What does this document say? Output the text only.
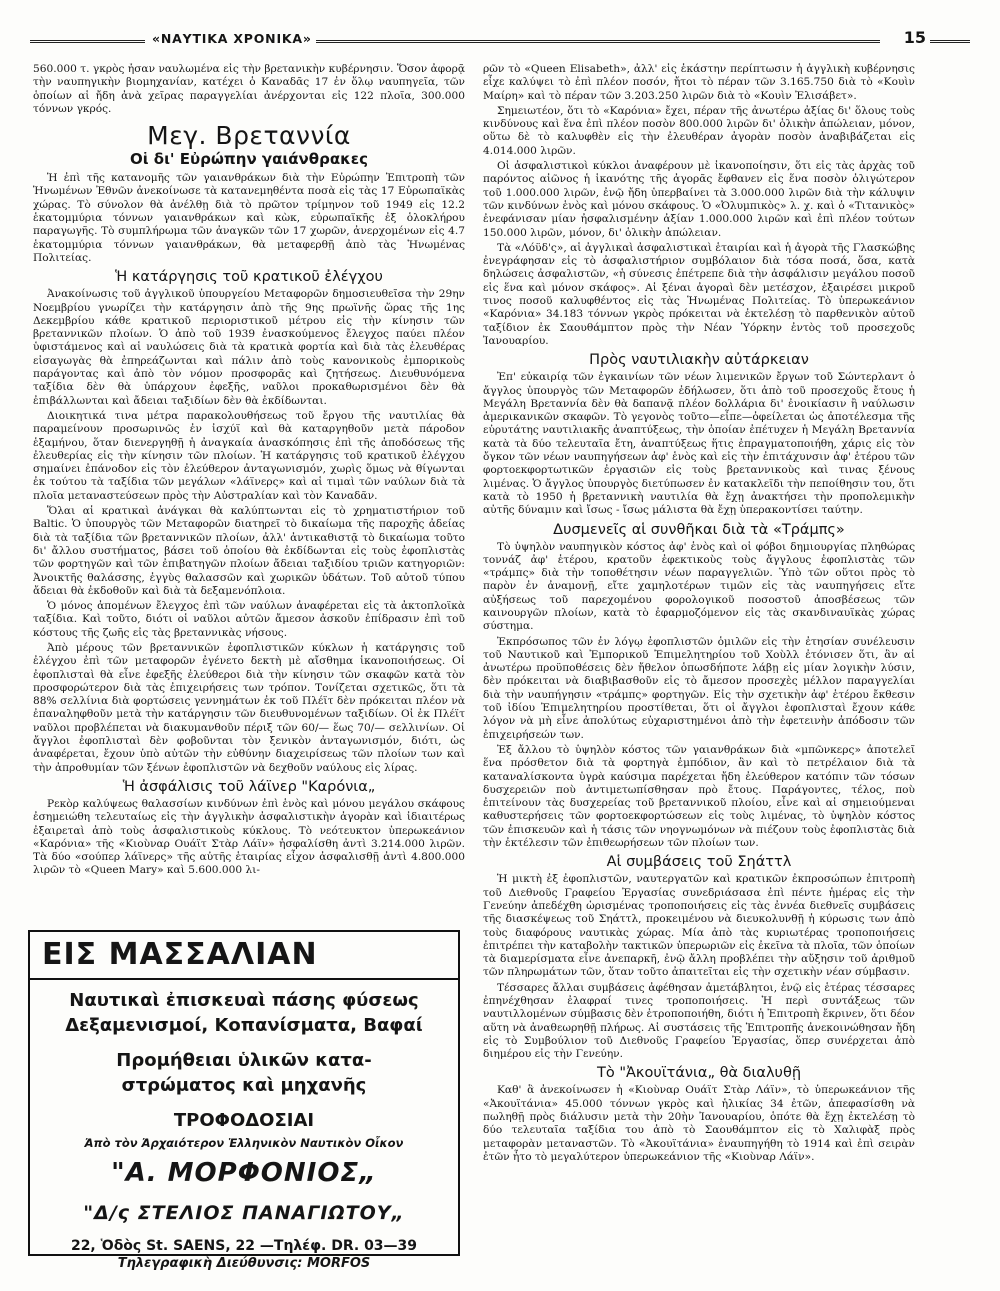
«ΝΑΥΤΙΚΑ ΧΡΟΝΙΚΑ»	15

560.000 τ. γκρὸς ἦσαν ναυλωμένα εἰς τὴν βρετανικὴν κυβέρνησιν. Ὅσον ἀφορᾷ τὴν ναυπηγικὴν βιομηχανίαν, κατέχει ὁ Καναδᾶς 17 ἐν ὅλῳ ναυπηγεῖα, τῶν ὁποίων αἱ ἤδη ἀνὰ χεῖρας παραγγελίαι ἀνέρχονται εἰς 122 πλοῖα, 300.000 τόννων γκρός.

Μεγ. Βρεταννία
Οἱ δι' Εὐρώπην γαιάνθρακες

Ἡ ἐπὶ τῆς κατανομῆς τῶν γαιανθράκων διὰ τὴν Εὐρώπην Ἐπιτροπὴ τῶν Ἡνωμένων Ἐθνῶν ἀνεκοίνωσε τὰ κατανεμηθέντα ποσὰ εἰς τὰς 17 Εὐρωπαϊκὰς χώρας. Τὸ σύνολον θὰ ἀνέλθῃ διὰ τὸ πρῶτον τρίμηνον τοῦ 1949 εἰς 12.2 ἑκατομμύρια τόννων γαιανθράκων καὶ κὼκ, εὐρωπαϊκῆς ἐξ ὁλοκλήρου παραγωγῆς. Τὸ συμπλήρωμα τῶν ἀναγκῶν τῶν 17 χωρῶν, ἀνερχομένων εἰς 4.7 ἑκατομμύρια τόννων γαιανθράκων, θὰ μεταφερθῇ ἀπὸ τὰς Ἡνωμένας Πολιτείας.

Ἡ κατάργησις τοῦ κρατικοῦ ἐλέγχου

Ἀνακοίνωσις τοῦ ἀγγλικοῦ ὑπουργείου Μεταφορῶν δημοσιευθεῖσα τὴν 29ην Νοεμβρίου γνωρίζει τὴν κατάργησιν ἀπὸ τῆς 9ης πρωϊνῆς ὥρας τῆς 1ης Δεκεμβρίου κάθε κρατικοῦ περιοριστικοῦ μέτρου εἰς τὴν κίνησιν τῶν βρεταννικῶν πλοίων. Ὁ ἀπὸ τοῦ 1939 ἐνασκούμενος ἔλεγχος παύει πλέον ὑφιστάμενος καὶ αἱ ναυλώσεις διὰ τὰ κρατικὰ φορτία καὶ διὰ τὰς ἐλευθέρας εἰσαγωγὰς θὰ ἐπηρεάζωνται καὶ πάλιν ἀπὸ τοὺς κανονικοὺς ἐμπορικοὺς παράγοντας καὶ ἀπὸ τὸν νόμον προσφορᾶς καὶ ζητήσεως. Διευθυνόμενα ταξίδια δὲν θὰ ὑπάρχουν ἐφεξῆς, ναῦλοι προκαθωρισμένοι δὲν θὰ ἐπιβάλλωνται καὶ ἄδειαι ταξιδίων δὲν θὰ ἐκδίδωνται.

Διοικητικά τινα μέτρα παρακολουθήσεως τοῦ ἔργου τῆς ναυτιλίας θὰ παραμείνουν προσωρινῶς ἐν ἰσχύϊ καὶ θὰ καταργηθοῦν μετὰ πάροδον ἑξαμήνου, ὅταν διενεργηθῇ ἡ ἀναγκαία ἀνασκόπησις ἐπὶ τῆς ἀποδόσεως τῆς ἐλευθερίας εἰς τὴν κίνησιν τῶν πλοίων. Ἡ κατάργησις τοῦ κρατικοῦ ἐλέγχου σημαίνει ἐπάνοδον εἰς τὸν ἐλεύθερον ἀνταγωνισμόν, χωρὶς ὅμως νὰ θίγωνται ἐκ τούτου τὰ ταξίδια τῶν μεγάλων «λάϊνερς» καὶ αἱ τιμαὶ τῶν ναύλων διὰ τὰ πλοῖα μεταναστεύσεων πρὸς τὴν Αὐστραλίαν καὶ τὸν Καναδᾶν.

Ὅλαι αἱ κρατικαὶ ἀνάγκαι θὰ καλύπτωνται εἰς τὸ χρηματιστήριον τοῦ Baltic. Ὁ ὑπουργὸς τῶν Μεταφορῶν διατηρεῖ τὸ δικαίωμα τῆς παροχῆς ἀδείας διὰ τὰ ταξίδια τῶν βρεταννικῶν πλοίων, ἀλλ' ἀντικαθιστᾷ τὸ δικαίωμα τοῦτο δι' ἄλλου συστήματος, βάσει τοῦ ὁποίου θὰ ἐκδίδωνται εἰς τοὺς ἐφοπλιστὰς τῶν φορτηγῶν καὶ τῶν ἐπιβατηγῶν πλοίων ἄδειαι ταξιδίου τριῶν κατηγοριῶν: Ἀνοικτῆς θαλάσσης, ἐγγὺς θαλασσῶν καὶ χωρικῶν ὑδάτων. Τοῦ αὐτοῦ τύπου ἄδειαι θὰ ἐκδοθοῦν καὶ διὰ τὰ δεξαμενόπλοια.

Ὁ μόνος ἀπομένων ἔλεγχος ἐπὶ τῶν ναύλων ἀναφέρεται εἰς τὰ ἀκτοπλοϊκὰ ταξίδια. Καὶ τοῦτο, διότι οἱ ναῦλοι αὐτῶν ἄμεσον ἀσκοῦν ἐπίδρασιν ἐπὶ τοῦ κόστους τῆς ζωῆς εἰς τὰς βρεταννικὰς νήσους.

Ἀπὸ μέρους τῶν βρεταννικῶν ἐφοπλιστικῶν κύκλων ἡ κατάργησις τοῦ ἐλέγχου ἐπὶ τῶν μεταφορῶν ἐγένετο δεκτὴ μὲ αἴσθημα ἱκανοποιήσεως. Οἱ ἐφοπλισταὶ θὰ εἶνε ἐφεξῆς ἐλεύθεροι διὰ τὴν κίνησιν τῶν σκαφῶν κατὰ τὸν προσφορώτερον διὰ τὰς ἐπιχειρήσεις των τρόπον. Τονίζεται σχετικῶς, ὅτι τὰ 88% σελλίνια διὰ φορτώσεις γεννημάτων ἐκ τοῦ Πλέϊτ δὲν πρόκειται πλέον νὰ ἐπαναληφθοῦν μετὰ τὴν κατάργησιν τῶν διευθυνομένων ταξιδίων. Οἱ ἐκ Πλέϊτ ναῦλοι προβλέπεται νὰ διακυμανθοῦν πέριξ τῶν 60/— ἕως 70/— σελλινίων. Οἱ ἄγγλοι ἐφοπλισταὶ δὲν φοβοῦνται τὸν ξενικὸν ἀνταγωνισμόν, διότι, ὡς ἀναφέρεται, ἔχουν ὑπὸ αὐτῶν τὴν εὐθύνην διαχειρίσεως τῶν πλοίων των καὶ τὴν ἀπροθυμίαν τῶν ξένων ἐφοπλιστῶν νὰ δεχθοῦν ναύλους εἰς λίρας.

Ἡ ἀσφάλισις τοῦ λάϊνερ "Καρόνια„

Ρεκὸρ καλύψεως θαλασσίων κινδύνων ἐπὶ ἑνὸς καὶ μόνου μεγάλου σκάφους ἐσημειώθη τελευταίως εἰς τὴν ἀγγλικὴν ἀσφαλιστικὴν ἀγορὰν καὶ ἰδιαιτέρως ἐξαιρεταὶ ἀπὸ τοὺς ἀσφαλιστικοὺς κύκλους. Τὸ νεότευκτον ὑπερωκεάνιον «Καρόνια» τῆς «Κιοὺναρ Ουάϊτ Στὰρ Λάϊν» ἠσφαλίσθη ἀντὶ 3.214.000 λιρῶν. Τὰ δύο «σούπερ λάϊνερς» τῆς αὐτῆς ἑταιρίας εἶχον ἀσφαλισθῇ ἀντὶ 4.800.000 λιρῶν τὸ «Queen Mary» καὶ 5.600.000 λι-

ΕΙΣ ΜΑΣΣΑΛΙΑΝ

Ναυτικαὶ ἐπισκευαὶ πάσης φύσεως

Δεξαμενισμοί, Κοπανίσματα, Βαφαί

Προμήθειαι ὑλικῶν κατα-

στρώματος καὶ μηχανῆς

ΤΡΟΦΟΔΟΣΙΑΙ

Ἀπὸ τὸν Ἀρχαιότερον Ἑλληνικὸν Ναυτικὸν Οἶκον

"Α. ΜΟΡΦΟΝΙΟΣ„

"Δ/ς ΣΤΕΛΙΟΣ ΠΑΝΑΓΙΩΤΟΥ„

22, Ὁδὸς St. SAENS, 22 —Τηλέφ. DR. 03—39

Τηλεγραφικὴ Διεύθυνσις: MORFOS

ρῶν τὸ «Queen Elisabeth», ἀλλ' εἰς ἑκάστην περίπτωσιν ἡ ἀγγλικὴ κυβέρνησις εἶχε καλύψει τὸ ἐπὶ πλέον ποσόν, ἤτοι τὸ πέραν τῶν 3.165.750 διὰ τὸ «Κουὶν Μαίρη» καὶ τὸ πέραν τῶν 3.203.250 λιρῶν διὰ τὸ «Κουὶν Ἐλισάβετ».

Σημειωτέον, ὅτι τὸ «Καρόνια» ἔχει, πέραν τῆς ἀνωτέρω ἀξίας δι' ὅλους τοὺς κινδύνους καὶ ἕνα ἐπὶ πλέον ποσὸν 800.000 λιρῶν δι' ὁλικὴν ἀπώλειαν, μόνον, οὕτω δὲ τὸ καλυφθὲν εἰς τὴν ἐλευθέραν ἀγορὰν ποσὸν ἀναβιβάζεται εἰς 4.014.000 λιρῶν.

Οἱ ἀσφαλιστικοὶ κύκλοι ἀναφέρουν μὲ ἱκανοποίησιν, ὅτι εἰς τὰς ἀρχὰς τοῦ παρόντος αἰῶνος ἡ ἱκανότης τῆς ἀγορᾶς ἔφθανεν εἰς ἕνα ποσὸν ὀλιγώτερον τοῦ 1.000.000 λιρῶν, ἐνῷ ἤδη ὑπερβαίνει τὰ 3.000.000 λιρῶν διὰ τὴν κάλυψιν τῶν κινδύνων ἑνὸς καὶ μόνου σκάφους. Ὁ «Ὀλυμπικὸς» λ. χ. καὶ ὁ «Τιτανικὸς» ἐνεφάνισαν μίαν ἠσφαλισμένην ἀξίαν 1.000.000 λιρῶν καὶ ἐπὶ πλέον τούτων 150.000 λιρῶν, μόνον, δι' ὁλικὴν ἀπώλειαν.

Τὰ «Λόϋδ'ς», αἱ ἀγγλικαὶ ἀσφαλιστικαὶ ἑταιρίαι καὶ ἡ ἀγορὰ τῆς Γλασκώβης ἐνεγράφησαν εἰς τὸ ἀσφαλιστήριον συμβόλαιον διὰ τόσα ποσά, ὅσα, κατὰ δηλώσεις ἀσφαλιστῶν, «ἡ σύνεσις ἐπέτρεπε διὰ τὴν ἀσφάλισιν μεγάλου ποσοῦ εἰς ἕνα καὶ μόνον σκάφος». Αἱ ξέναι ἀγοραὶ δὲν μετέσχον, ἐξαιρέσει μικροῦ τινος ποσοῦ καλυφθέντος εἰς τὰς Ἡνωμένας Πολιτείας. Τὸ ὑπερωκεάνιον «Καρόνια» 34.183 τόννων γκρὸς πρόκειται νὰ ἐκτελέσῃ τὸ παρθενικὸν αὐτοῦ ταξίδιον ἐκ Σαουθάμπτον πρὸς τὴν Νέαν Ὑόρκην ἐντὸς τοῦ προσεχοῦς Ἰανουαρίου.

Πρὸς ναυτιλιακὴν αὐτάρκειαν

Ἐπ' εὐκαιρίᾳ τῶν ἐγκαινίων τῶν νέων λιμενικῶν ἔργων τοῦ Σώντερλαντ ὁ ἄγγλος ὑπουργὸς τῶν Μεταφορῶν ἐδήλωσεν, ὅτι ἀπὸ τοῦ προσεχοῦς ἔτους ἡ Μεγάλη Βρεταννία δὲν θὰ δαπανᾷ πλέον δολλάρια δι' ἐνοικίασιν ἢ ναύλωσιν ἀμερικανικῶν σκαφῶν. Τὸ γεγονὸς τοῦτο—εἶπε—ὀφείλεται ὡς ἀποτέλεσμα τῆς εὐρυτάτης ναυτιλιακῆς ἀναπτύξεως, τὴν ὁποίαν ἐπέτυχεν ἡ Μεγάλη Βρεταννία κατὰ τὰ δύο τελευταῖα ἔτη, ἀναπτύξεως ἥτις ἐπραγματοποιήθη, χάρις εἰς τὸν ὄγκον τῶν νέων ναυπηγήσεων ἀφ' ἑνὸς καὶ εἰς τὴν ἐπιτάχυνσιν ἀφ' ἑτέρου τῶν φορτοεκφορτωτικῶν ἐργασιῶν εἰς τοὺς βρεταννικοὺς καὶ τινας ξένους λιμένας. Ὁ ἄγγλος ὑπουργὸς διετύπωσεν ἐν κατακλεῖδι τὴν πεποίθησιν του, ὅτι κατὰ τὸ 1950 ἡ βρεταννικὴ ναυτιλία θὰ ἔχῃ ἀνακτήσει τὴν προπολεμικὴν αὐτῆς δύναμιν καὶ ἴσως - ἴσως μάλιστα θὰ ἔχῃ ὑπερακοντίσει ταύτην.

Δυσμενεῖς αἱ συνθῆκαι διὰ τὰ «Τράμπς»

Τὸ ὑψηλὸν ναυπηγικὸν κόστος ἀφ' ἑνὸς καὶ οἱ φόβοι δημιουργίας πληθώρας τοννάζ ἀφ' ἑτέρου, κρατοῦν ἐφεκτικοὺς τοὺς ἄγγλους ἐφοπλιστὰς τῶν «τράμπς» διὰ τὴν τοποθέτησιν νέων παραγγελιῶν. Ὑπὸ τῶν οὕτοι πρὸς τὸ παρὸν ἐν ἀναμονῇ, εἴτε χαμηλοτέρων τιμῶν εἰς τὰς ναυπηγήσεις εἴτε αὐξήσεως τοῦ παρεχομένου φορολογικοῦ ποσοστοῦ ἀποσβέσεως τῶν καινουργῶν πλοίων, κατὰ τὸ ἐφαρμοζόμενον εἰς τὰς σκανδιναυϊκὰς χώρας σύστημα.

Ἐκπρόσωπος τῶν ἐν λόγῳ ἐφοπλιστῶν ὁμιλῶν εἰς τὴν ἐτησίαν συνέλευσιν τοῦ Ναυτικοῦ καὶ Ἐμπορικοῦ Ἐπιμελητηρίου τοῦ Χοὺλλ ἐτόνισεν ὅτι, ἂν αἱ ἀνωτέρω προϋποθέσεις δὲν ἤθελον ὁπωσδήποτε λάβῃ εἰς μίαν λογικὴν λύσιν, δὲν πρόκειται νὰ διαβιβασθοῦν εἰς τὸ ἄμεσον προσεχὲς μέλλον παραγγελίαι διὰ τὴν ναυπήγησιν «τράμπς» φορτηγῶν. Εἰς τὴν σχετικὴν ἀφ' ἑτέρου ἔκθεσιν τοῦ ἰδίου Ἐπιμελητηρίου προστίθεται, ὅτι οἱ ἄγγλοι ἐφοπλισταὶ ἔχουν κάθε λόγον νὰ μὴ εἶνε ἀπολύτως εὐχαριστημένοι ἀπὸ τὴν ἐφετεινὴν ἀπόδοσιν τῶν ἐπιχειρήσεών των.

Ἐξ ἄλλου τὸ ὑψηλὸν κόστος τῶν γαιανθράκων διὰ «μπῶνκερς» ἀποτελεῖ ἕνα πρόσθετον διὰ τὰ φορτηγὰ ἐμπόδιον, ἂν καὶ τὸ πετρέλαιον διὰ τὰ καταναλίσκοντα ὑγρὰ καύσιμα παρέχεται ἤδη ἐλεύθερον κατόπιν τῶν τόσων δυσχερειῶν ποὺ ἀντιμετωπίσθησαν πρὸ ἔτους. Παράγοντες, τέλος, ποὺ ἐπιτείνουν τὰς δυσχερείας τοῦ βρεταννικοῦ πλοίου, εἶνε καὶ αἱ σημειούμεναι καθυστερήσεις τῶν φορτοεκφορτώσεων εἰς τοὺς λιμένας, τὸ ὑψηλὸν κόστος τῶν ἐπισκευῶν καὶ ἡ τάσις τῶν νηογνωμόνων νὰ πιέζουν τοὺς ἐφοπλιστὰς διὰ τὴν ἐκτέλεσιν τῶν ἐπιθεωρήσεων τῶν πλοίων των.

Αἱ συμβάσεις τοῦ Σηάττλ

Ἡ μικτὴ ἐξ ἐφοπλιστῶν, ναυτεργατῶν καὶ κρατικῶν ἐκπροσώπων ἐπιτροπὴ τοῦ Διεθνοῦς Γραφείου Ἐργασίας συνεδριάσασα ἐπὶ πέντε ἡμέρας εἰς τὴν Γενεύην ἀπεδέχθη ὡρισμένας τροποποιήσεις εἰς τὰς ἐννέα διεθνεῖς συμβάσεις τῆς διασκέψεως τοῦ Σηάττλ, προκειμένου νὰ διευκολυνθῇ ἡ κύρωσις των ἀπὸ τοὺς διαφόρους ναυτικὰς χώρας. Μία ἀπὸ τὰς κυριωτέρας τροποποιήσεις ἐπιτρέπει τὴν καταβολὴν τακτικῶν ὑπερωριῶν εἰς ἐκεῖνα τὰ πλοῖα, τῶν ὁποίων τὰ διαμερίσματα εἶνε ἀνεπαρκῆ, ἐνῷ ἄλλη προβλέπει τὴν αὔξησιν τοῦ ἀριθμοῦ τῶν πληρωμάτων τῶν, ὅταν τοῦτο ἀπαιτεῖται εἰς τὴν σχετικὴν νέαν σύμβασιν.

Τέσσαρες ἄλλαι συμβάσεις ἀφέθησαν ἀμετάβλητοι, ἐνῷ εἰς ἑτέρας τέσσαρες ἐπηνέχθησαν ἐλαφραί τινες τροποποιήσεις. Ἡ περὶ συντάξεως τῶν ναυτιλλομένων σύμβασις δὲν ἐτροποποιήθη, διότι ἡ Ἐπιτροπὴ ἔκρινεν, ὅτι δέον αὕτη νὰ ἀναθεωρηθῇ πλήρως. Αἱ συστάσεις τῆς Ἐπιτροπῆς ἀνεκοινώθησαν ἤδη εἰς τὸ Συμβούλιον τοῦ Διεθνοῦς Γραφείου Ἐργασίας, ὅπερ συνέρχεται ἀπὸ διημέρου εἰς τὴν Γενεύην.

Τὸ "Ἀκουϊτάνια„ θὰ διαλυθῇ

Καθ' ἃ ἀνεκοίνωσεν ἡ «Κιοὺναρ Ουάϊτ Στὰρ Λάϊν», τὸ ὑπερωκεάνιον τῆς «Ἀκουϊτάνια» 45.000 τόννων γκρὸς καὶ ἡλικίας 34 ἐτῶν, ἀπεφασίσθη νὰ πωληθῇ πρὸς διάλυσιν μετὰ τὴν 20ὴν Ἰανουαρίου, ὁπότε θὰ ἔχῃ ἐκτελέσῃ τὸ δύο τελευταῖα ταξίδια του ἀπὸ τὸ Σαουθάμπτον εἰς τὸ Χαλιφὰξ πρὸς μεταφορὰν μεταναστῶν. Τὸ «Ἀκουϊτάνια» ἐναυπηγήθη τὸ 1914 καὶ ἐπὶ σειρὰν ἐτῶν ἦτο τὸ μεγαλύτερον ὑπερωκεάνιον τῆς «Κιοὺναρ Λάϊν».
